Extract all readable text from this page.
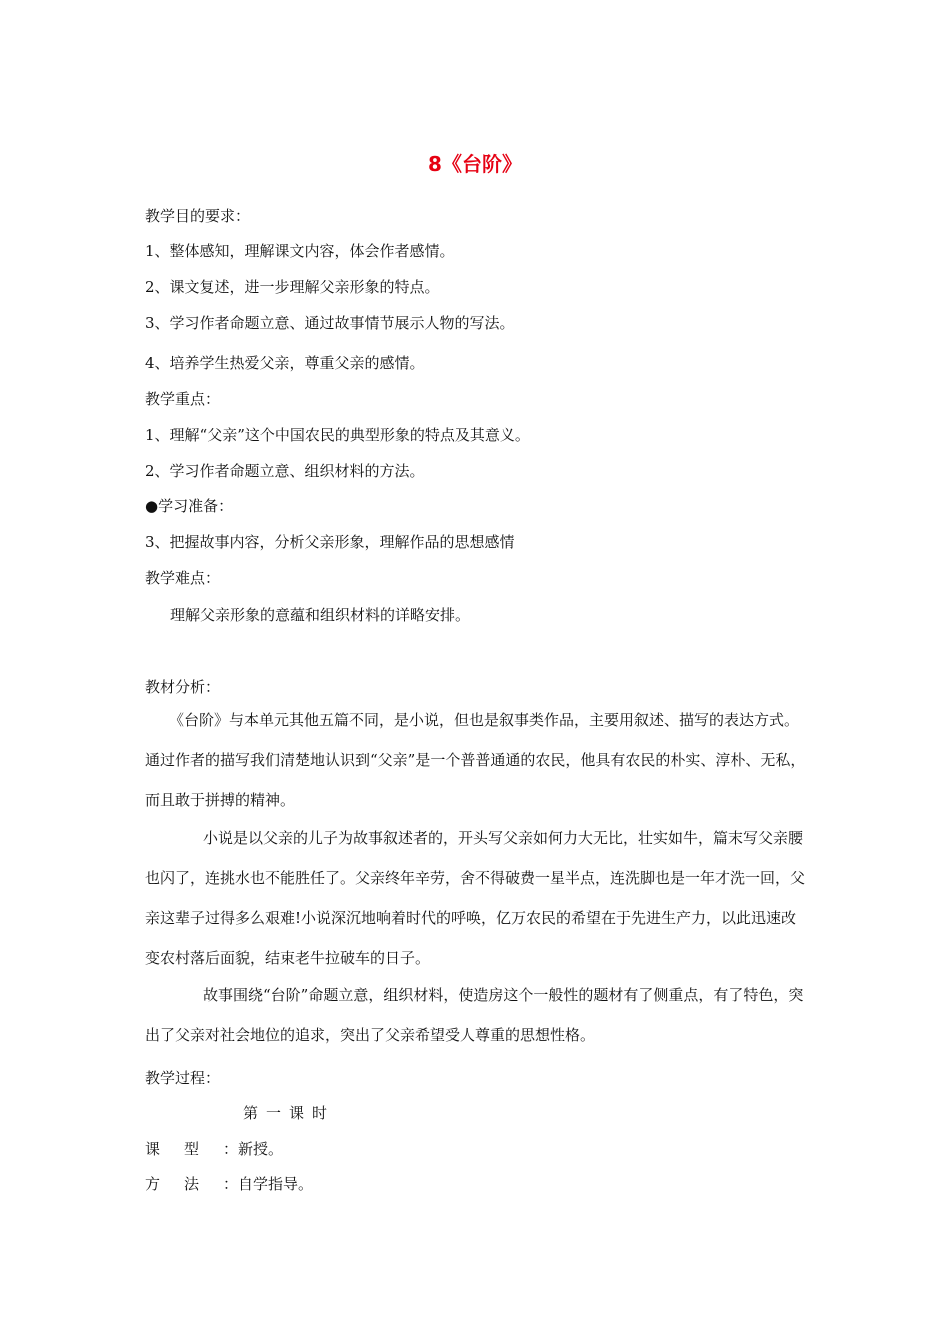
8《台阶》
教学目的要求：
1、整体感知，理解课文内容，体会作者感情。
2、课文复述，进一步理解父亲形象的特点。
3、学习作者命题立意、通过故事情节展示人物的写法。
4、培养学生热爱父亲，尊重父亲的感情。
教学重点：
1、理解“父亲”这个中国农民的典型形象的特点及其意义。
2、学习作者命题立意、组织材料的方法。
●学习准备：
3、把握故事内容，分析父亲形象，理解作品的思想感情
教学难点：
理解父亲形象的意蕴和组织材料的详略安排。
教材分析：
《台阶》与本单元其他五篇不同，是小说，但也是叙事类作品，主要用叙述、描写的表达方式。通过作者的描写我们清楚地认识到“父亲”是一个普普通通的农民，他具有农民的朴实、淳朴、无私，而且敢于拼搏的精神。
小说是以父亲的儿子为故事叙述者的，开头写父亲如何力大无比，壮实如牛，篇末写父亲腰也闪了，连挑水也不能胜任了。父亲终年辛劳，舍不得破费一星半点，连洗脚也是一年才洗一回，父亲这辈子过得多么艰难!小说深沉地响着时代的呼唤，亿万农民的希望在于先进生产力，以此迅速改变农村落后面貌，结束老牛拉破车的日子。
故事围绕“台阶”命题立意，组织材料，使造房这个一般性的题材有了侧重点，有了特色，突出了父亲对社会地位的追求，突出了父亲希望受人尊重的思想性格。
教学过程：
第一课时
课 型 ：新授。
方 法 ：自学指导。
